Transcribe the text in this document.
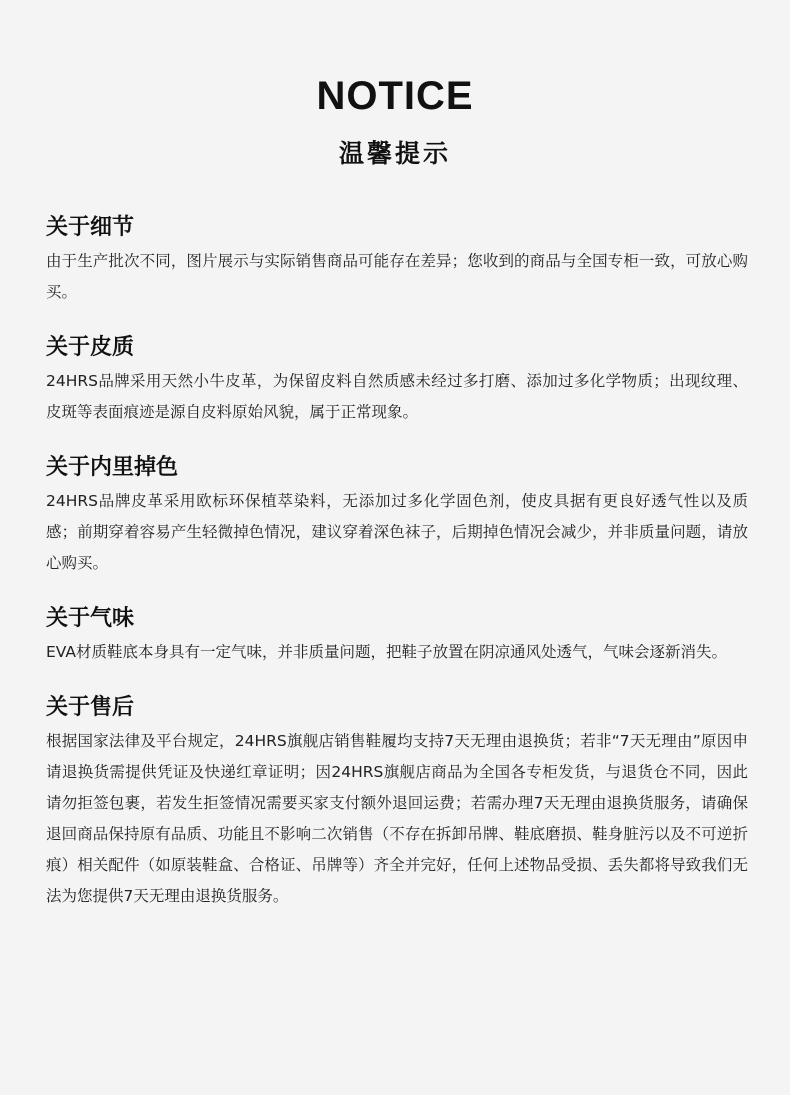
NOTICE
温馨提示
关于细节

由于生产批次不同，图片展示与实际销售商品可能存在差异；您收到的商品与全国专柜一致，可放心购买。

关于皮质

24HRS品牌采用天然小牛皮革，为保留皮料自然质感未经过多打磨、添加过多化学物质；出现纹理、皮斑等表面痕迹是源自皮料原始风貌，属于正常现象。

关于内里掉色

24HRS品牌皮革采用欧标环保植萃染料，无添加过多化学固色剂，使皮具据有更良好透气性以及质感；前期穿着容易产生轻微掉色情况，建议穿着深色袜子，后期掉色情况会减少，并非质量问题，请放心购买。

关于气味

EVA材质鞋底本身具有一定气味，并非质量问题，把鞋子放置在阴凉通风处透气，气味会逐新消失。

关于售后

根据国家法律及平台规定，24HRS旗舰店销售鞋履均支持7天无理由退换货；若非“7天无理由”原因申请退换货需提供凭证及快递红章证明；因24HRS旗舰店商品为全国各专柜发货，与退货仓不同，因此请勿拒签包裹，若发生拒签情况需要买家支付额外退回运费；若需办理7天无理由退换货服务，请确保退回商品保持原有品质、功能且不影响二次销售（不存在拆卸吊牌、鞋底磨损、鞋身脏污以及不可逆折痕）相关配件（如原装鞋盒、合格证、吊牌等）齐全并完好，任何上述物品受损、丢失都将导致我们无法为您提供7天无理由退换货服务。
